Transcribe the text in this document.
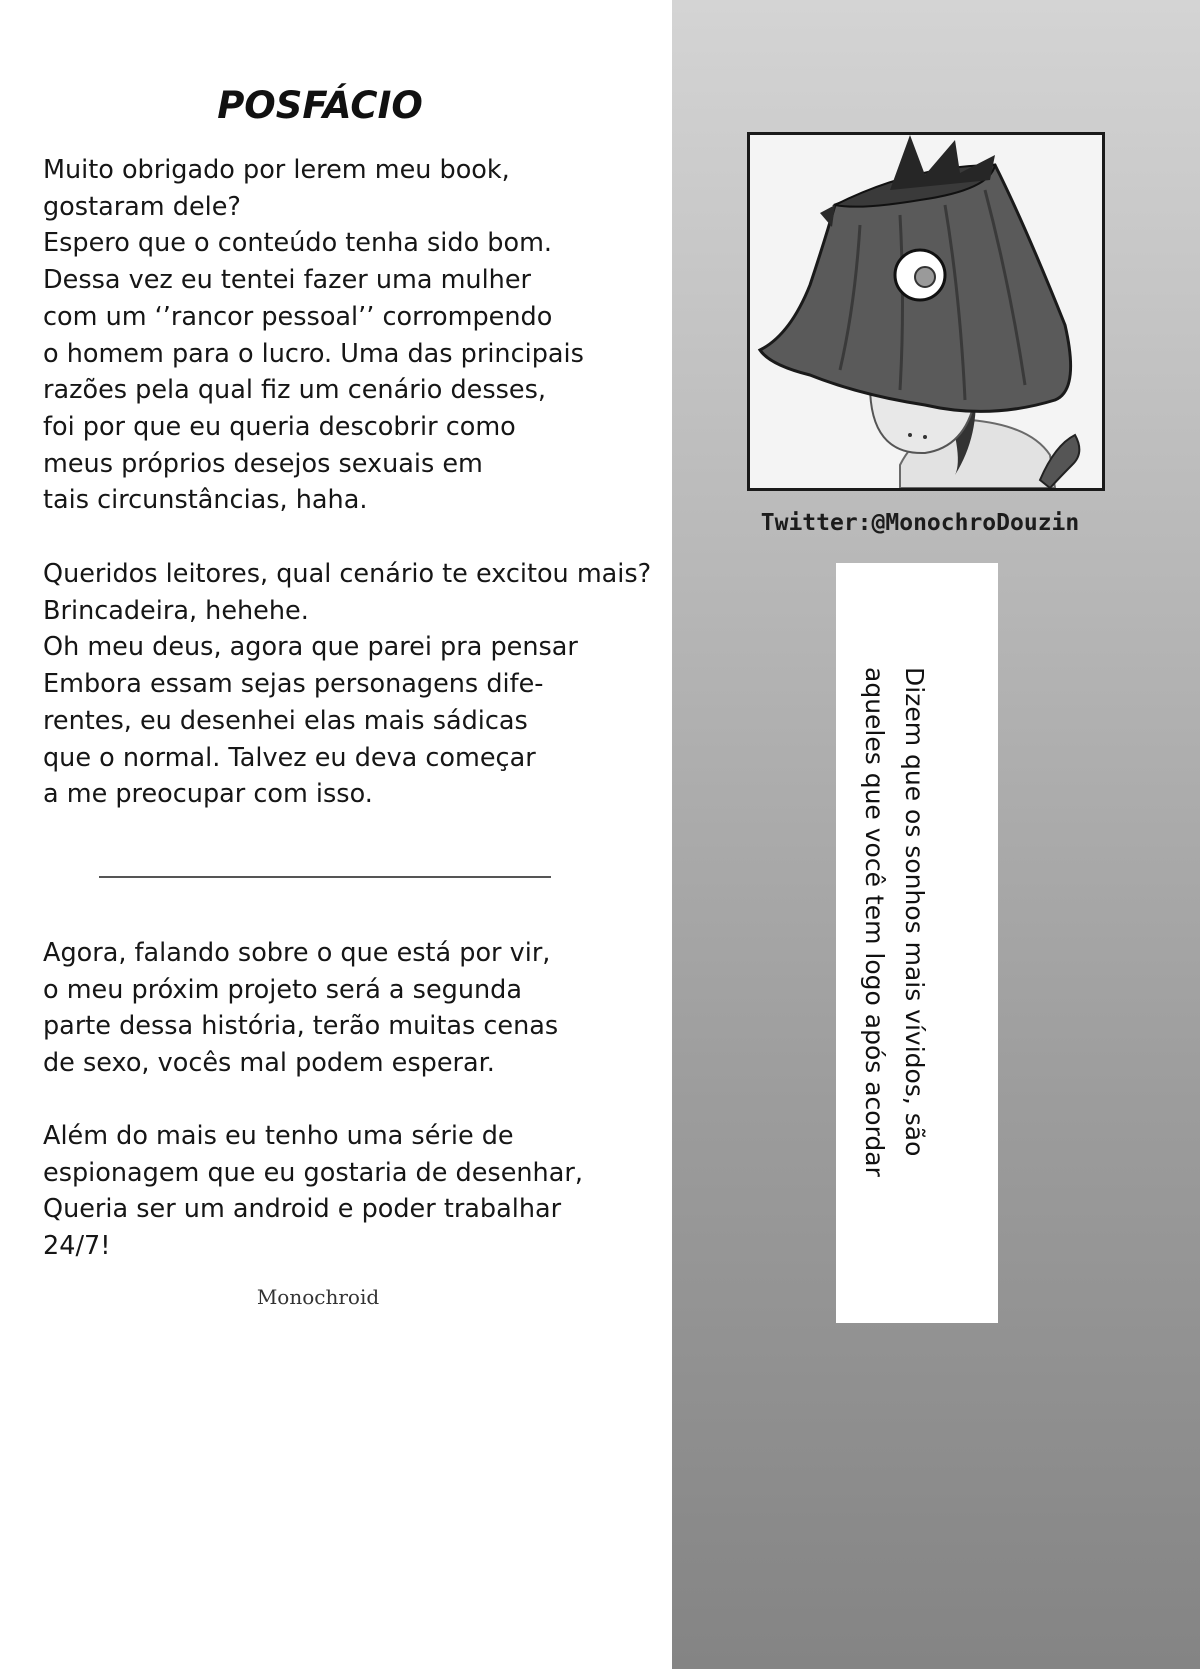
POSFÁCIO
Muito obrigado por lerem meu book,
gostaram dele?
Espero que o conteúdo tenha sido bom.
Dessa vez eu tentei fazer uma mulher
com um ‘’rancor pessoal’’ corrompendo
o homem para o lucro. Uma das principais
razões pela qual fiz um cenário desses,
foi por que eu queria descobrir como
meus próprios desejos sexuais em
tais circunstâncias, haha.
Queridos leitores, qual cenário te excitou mais?
Brincadeira, hehehe.
Oh meu deus, agora que parei pra pensar
Embora essam sejas personagens dife-
rentes, eu desenhei elas mais sádicas
que o normal. Talvez eu deva começar
a me preocupar com isso.
Agora, falando sobre o que está por vir,
o meu próxim projeto será a segunda
parte dessa história, terão muitas cenas
de sexo, vocês mal podem esperar.
Além do mais eu tenho uma série de
espionagem que eu gostaria de desenhar,
Queria ser um android e poder trabalhar
24/7!
Monochroid
Twitter:@MonochroDouzin
Dizem que os sonhos mais vívidos, são
aqueles que você tem logo após acordar
